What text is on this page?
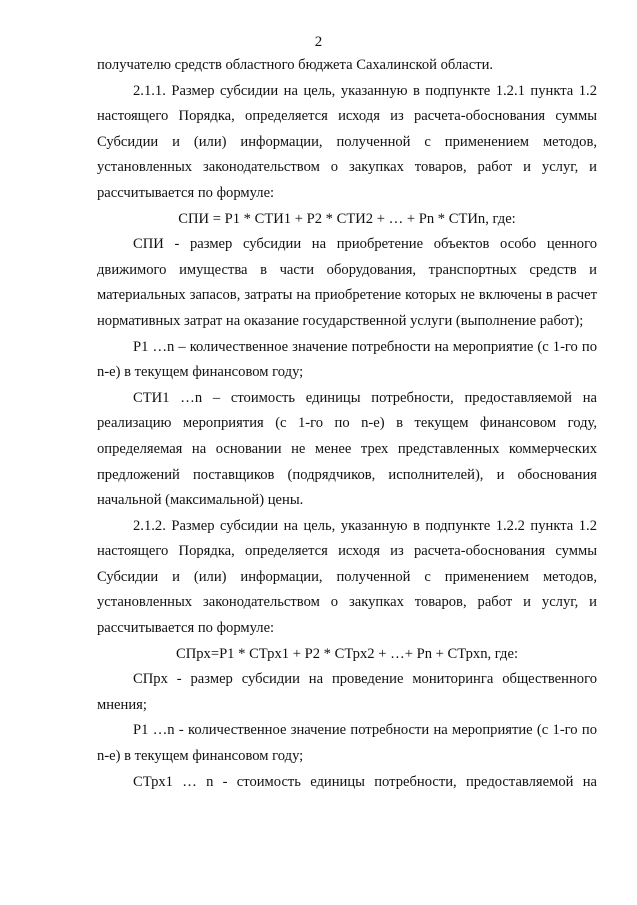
2

получателю средств областного бюджета Сахалинской области.

2.1.1. Размер субсидии на цель, указанную в подпункте 1.2.1 пункта 1.2 настоящего Порядка, определяется исходя из расчета-обоснования суммы Субсидии и (или) информации, полученной с применением методов, установленных законодательством о закупках товаров, работ и услуг, и рассчитывается по формуле:

СПИ = Р1 * СТИ1 + Р2 * СТИ2 + … + Рn * СТИn, где:

СПИ - размер субсидии на приобретение объектов особо ценного движимого имущества в части оборудования, транспортных средств и материальных запасов, затраты на приобретение которых не включены в расчет нормативных затрат на оказание государственной услуги (выполнение работ);

Р1 …n – количественное значение потребности на мероприятие (с 1-го по n-е) в текущем финансовом году;

СТИ1 …n – стоимость единицы потребности, предоставляемой на реализацию мероприятия (с 1-го по n-е) в текущем финансовом году, определяемая на основании не менее трех представленных коммерческих предложений поставщиков (подрядчиков, исполнителей), и обоснования начальной (максимальной) цены.

2.1.2. Размер субсидии на цель, указанную в подпункте 1.2.2 пункта 1.2 настоящего Порядка, определяется исходя из расчета-обоснования суммы Субсидии и (или) информации, полученной с применением методов, установленных законодательством о закупках товаров, работ и услуг, и рассчитывается по формуле:

СПрх=Р1 * СТрх1 + Р2 * СТрх2 + …+ Рn + СТрхn, где:

СПрх - размер субсидии на проведение мониторинга общественного мнения;

Р1 …n - количественное значение потребности на мероприятие (с 1-го по n-е) в текущем финансовом году;

СТрх1 … n - стоимость единицы потребности, предоставляемой на
